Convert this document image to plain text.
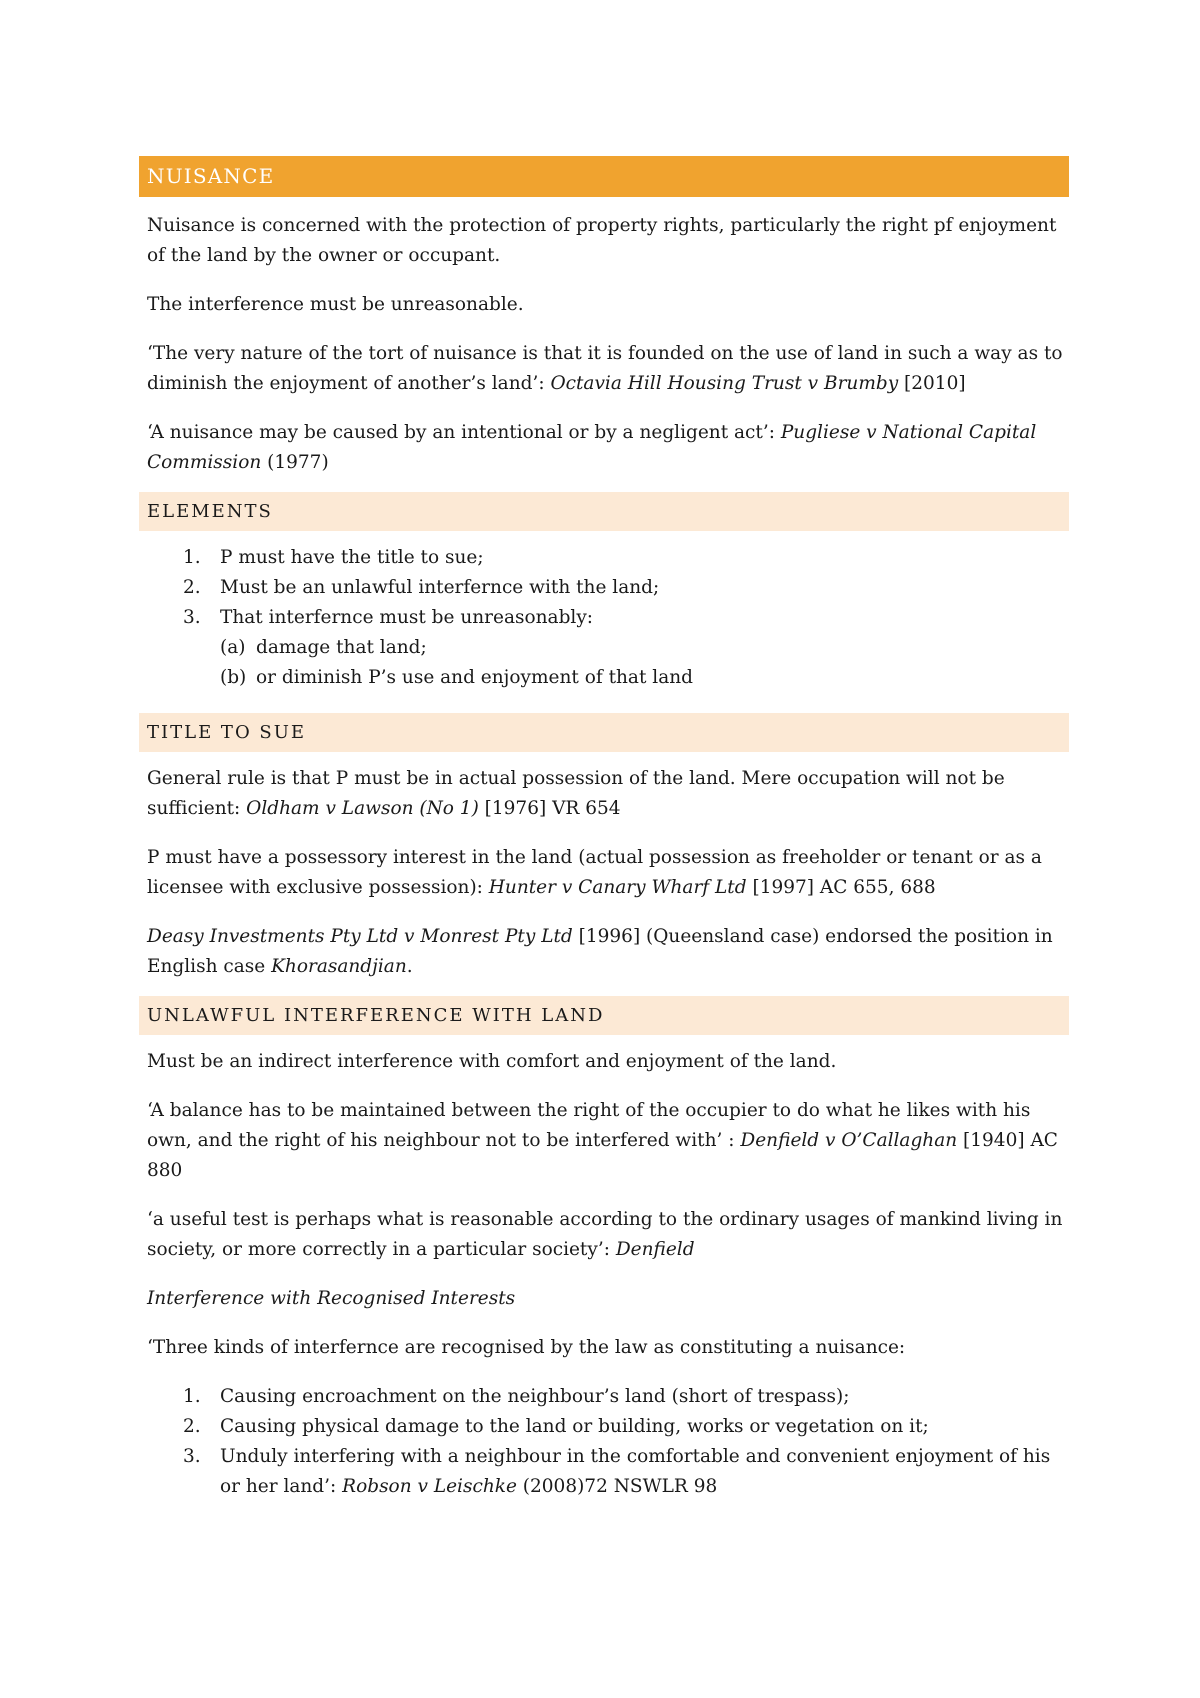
NUISANCE

Nuisance is concerned with the protection of property rights, particularly the right pf enjoyment of the land by the owner or occupant.

The interference must be unreasonable.

‘The very nature of the tort of nuisance is that it is founded on the use of land in such a way as to diminish the enjoyment of another’s land’: Octavia Hill Housing Trust v Brumby [2010]

‘A nuisance may be caused by an intentional or by a negligent act’: Pugliese v National Capital Commission (1977)

ELEMENTS
1. P must have the title to sue;
2. Must be an unlawful interfernce with the land;
3. That interfernce must be unreasonably:
(a) damage that land;
(b) or diminish P’s use and enjoyment of that land
TITLE TO SUE

General rule is that P must be in actual possession of the land. Mere occupation will not be sufficient: Oldham v Lawson (No 1) [1976] VR 654

P must have a possessory interest in the land (actual possession as freeholder or tenant or as a licensee with exclusive possession): Hunter v Canary Wharf Ltd [1997] AC 655, 688

Deasy Investments Pty Ltd v Monrest Pty Ltd [1996] (Queensland case) endorsed the position in English case Khorasandjian.

UNLAWFUL INTERFERENCE WITH LAND

Must be an indirect interference with comfort and enjoyment of the land.

‘A balance has to be maintained between the right of the occupier to do what he likes with his own, and the right of his neighbour not to be interfered with’ : Denfield v O’Callaghan [1940] AC 880

‘a useful test is perhaps what is reasonable according to the ordinary usages of mankind living in society, or more correctly in a particular society’: Denfield

Interference with Recognised Interests

‘Three kinds of interfernce are recognised by the law as constituting a nuisance:

1. Causing encroachment on the neighbour’s land (short of trespass);
2. Causing physical damage to the land or building, works or vegetation on it;
3. Unduly interfering with a neighbour in the comfortable and convenient enjoyment of his or her land’: Robson v Leischke (2008)72 NSWLR 98
